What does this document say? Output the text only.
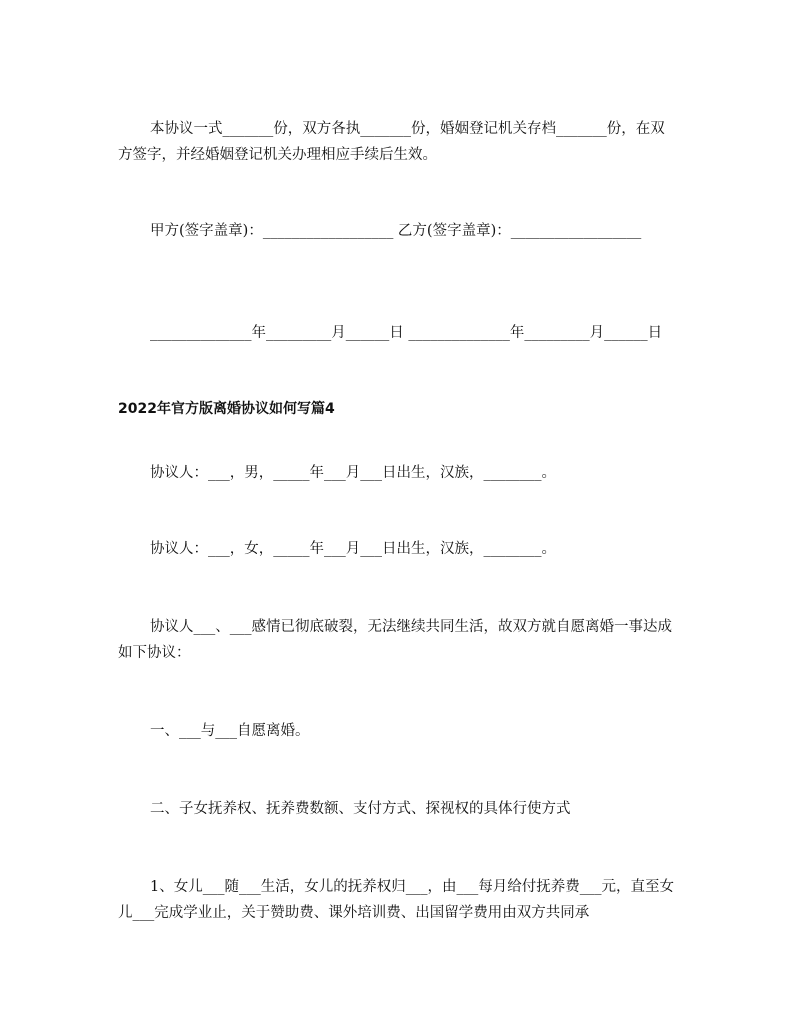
本协议一式_______份，双方各执_______份，婚姻登记机关存档_______份，在双方签字，并经婚姻登记机关办理相应手续后生效。
甲方(签字盖章)：__________________ 乙方(签字盖章)：__________________
______________年_________月______日 ______________年_________月______日
2022年官方版离婚协议如何写篇4
协议人：___，男，_____年___月___日出生，汉族，________。
协议人：___，女，_____年___月___日出生，汉族，________。
协议人___、___感情已彻底破裂，无法继续共同生活，故双方就自愿离婚一事达成如下协议：
一、___与___自愿离婚。
二、子女抚养权、抚养费数额、支付方式、探视权的具体行使方式
1、女儿___随___生活，女儿的抚养权归___，由___每月给付抚养费___元，直至女儿___完成学业止，关于赞助费、课外培训费、出国留学费用由双方共同承
